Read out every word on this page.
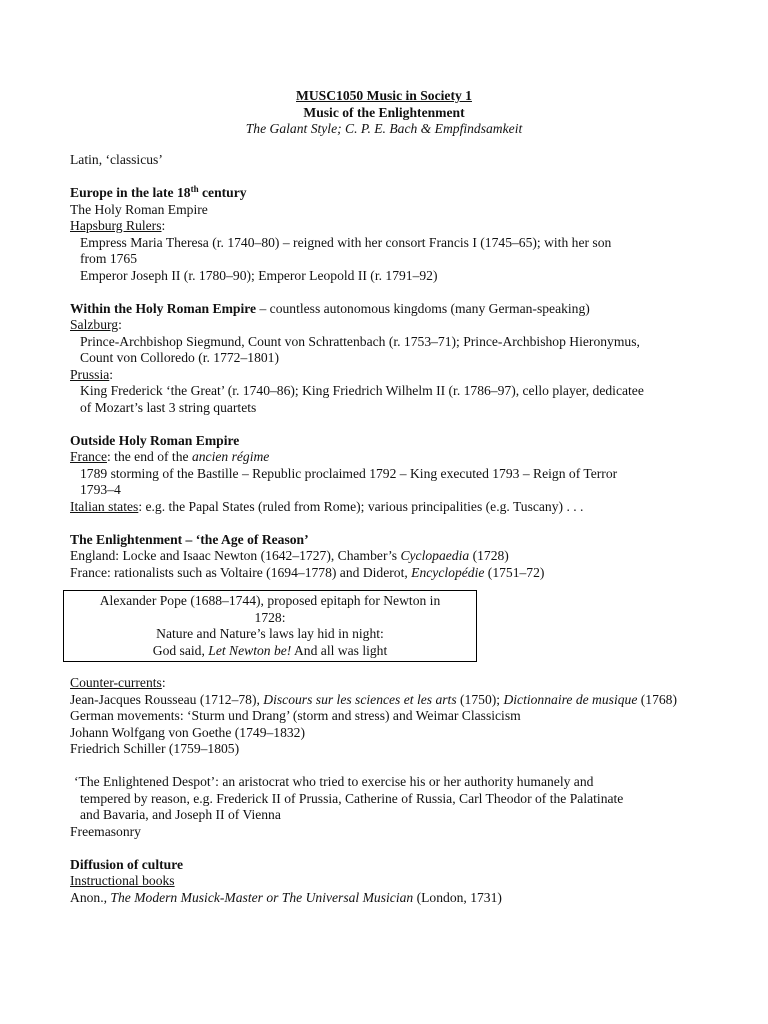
MUSC1050 Music in Society 1
Music of the Enlightenment
The Galant Style; C. P. E. Bach & Empfindsamkeit
Latin, ‘classicus’
Europe in the late 18th century
The Holy Roman Empire
Hapsburg Rulers:
Empress Maria Theresa (r. 1740–80) – reigned with her consort Francis I (1745–65); with her son
from 1765
Emperor Joseph II (r. 1780–90); Emperor Leopold II (r. 1791–92)
Within the Holy Roman Empire – countless autonomous kingdoms (many German-speaking)
Salzburg:
Prince-Archbishop Siegmund, Count von Schrattenbach (r. 1753–71); Prince-Archbishop Hieronymus,
Count von Colloredo (r. 1772–1801)
Prussia:
King Frederick ‘the Great’ (r. 1740–86); King Friedrich Wilhelm II (r. 1786–97), cello player, dedicatee
of Mozart’s last 3 string quartets
Outside Holy Roman Empire
France: the end of the ancien régime
1789 storming of the Bastille – Republic proclaimed 1792 – King executed 1793 – Reign of Terror
1793–4
Italian states: e.g. the Papal States (ruled from Rome); various principalities (e.g. Tuscany) . . .
The Enlightenment – ‘the Age of Reason’
England: Locke and Isaac Newton (1642–1727), Chamber’s Cyclopaedia (1728)
France: rationalists such as Voltaire (1694–1778) and Diderot, Encyclopédie (1751–72)
Alexander Pope (1688–1744), proposed epitaph for Newton in
1728:
Nature and Nature’s laws lay hid in night:
God said, Let Newton be! And all was light
Counter-currents:
Jean-Jacques Rousseau (1712–78), Discours sur les sciences et les arts (1750); Dictionnaire de musique (1768)
German movements: ‘Sturm und Drang’ (storm and stress) and Weimar Classicism
Johann Wolfgang von Goethe (1749–1832)
Friedrich Schiller (1759–1805)
‘The Enlightened Despot’: an aristocrat who tried to exercise his or her authority humanely and
tempered by reason, e.g. Frederick II of Prussia, Catherine of Russia, Carl Theodor of the Palatinate
and Bavaria, and Joseph II of Vienna
Freemasonry
Diffusion of culture
Instructional books
Anon., The Modern Musick-Master or The Universal Musician (London, 1731)
